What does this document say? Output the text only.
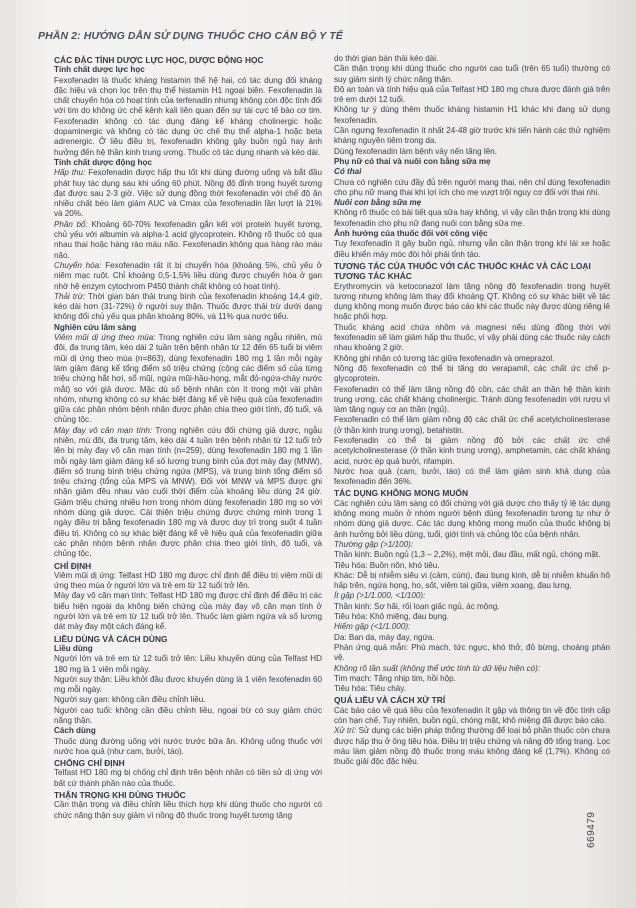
PHẦN 2: HƯỚNG DẪN SỬ DỤNG THUỐC CHO CÁN BỘ Y TẾ
CÁC ĐẶC TÍNH DƯỢC LỰC HỌC, DƯỢC ĐỘNG HỌC
Tính chất dược lực học
Fexofenadin là thuốc kháng histamin thế hệ hai, có tác dụng đối kháng đặc hiệu và chọn lọc trên thụ thể histamin H1 ngoại biên. Fexofenadin là chất chuyển hóa có hoạt tính của terfenadin nhưng không còn độc tính đối với tim do không ức chế kênh kali liên quan đến sự tái cực tế bào cơ tim. Fexofenadin không có tác dụng đáng kể kháng cholinergic hoặc dopaminergic và không có tác dụng ức chế thụ thể alpha-1 hoặc beta adrenergic. Ở liều điều trị, fexofenadin không gây buồn ngủ hay ảnh hưởng đến hệ thần kinh trung ương. Thuốc có tác dụng nhanh và kéo dài.
Tính chất dược động học
Hấp thu: Fexofenadin được hấp thu tốt khi dùng đường uống và bắt đầu phát huy tác dụng sau khi uống 60 phút. Nồng độ đỉnh trong huyết tương đạt được sau 2-3 giờ. Việc sử dụng đồng thời fexofenadin với chế độ ăn nhiều chất béo làm giảm AUC và Cmax của fexofenadin lần lượt là 21% và 20%.
Phân bố: Khoảng 60-70% fexofenadin gắn kết với protein huyết tương, chủ yếu với albumin và alpha-1 acid glycoprotein. Không rõ thuốc có qua nhau thai hoặc hàng rào máu não. Fexofenadin không qua hàng rào máu não.
Chuyển hóa: Fexofenadin rất ít bị chuyển hóa (khoảng 5%, chủ yếu ở niêm mạc ruột. Chỉ khoảng 0,5-1,5% liều dùng được chuyển hóa ở gan nhờ hệ enzym cytochrom P450 thành chất không có hoạt tính).
Thải trừ: Thời gian bán thải trung bình của fexofenadin khoảng 14,4 giờ, kéo dài hơn (31-72%) ở người suy thận. Thuốc được thải trừ dưới dạng không đổi chủ yếu qua phân khoảng 80%, và 11% qua nước tiểu.
Nghiên cứu lâm sàng
Viêm mũi dị ứng theo mùa: Trong nghiên cứu lâm sàng ngẫu nhiên, mù đôi, đa trung tâm, kéo dài 2 tuần trên bệnh nhân từ 12 đến 65 tuổi bị viêm mũi dị ứng theo mùa (n=863), dùng fexofenadin 180 mg 1 lần mỗi ngày làm giảm đáng kể tổng điểm số triệu chứng (cộng các điểm số của từng triệu chứng hắt hơi, sổ mũi, ngứa mũi-hầu-họng, mắt đỏ-ngứa-chảy nước mắt) so với giả dược. Mặc dù số bệnh nhân còn ít trong một vài phân nhóm, nhưng không có sự khác biệt đáng kể về hiệu quả của fexofenadin giữa các phân nhóm bệnh nhân được phân chia theo giới tính, độ tuổi, và chủng tộc.
Mày đay vô căn mạn tính: Trong nghiên cứu đối chứng giả dược, ngẫu nhiên, mù đôi, đa trung tâm, kéo dài 4 tuần trên bệnh nhân từ 12 tuổi trở lên bị mày đay vô căn mạn tính (n=259), dùng fexofenadin 180 mg 1 lần mỗi ngày làm giảm đáng kể số lượng trung bình của đợt mày đay (MNW), điểm số trung bình triệu chứng ngứa (MPS), và trung bình tổng điểm số triệu chứng (tổng của MPS và MNW). Đối với MNW và MPS được ghi nhận giảm đều nhau vào cuối thời điểm của khoảng liều dùng 24 giờ. Giảm triệu chứng nhiều hơn trong nhóm dùng fexofenadin 180 mg so với nhóm dùng giả dược. Cải thiện triệu chứng được chứng minh trong 1 ngày điều trị bằng fexofenadin 180 mg và được duy trì trong suốt 4 tuần điều trị. Không có sự khác biệt đáng kể về hiệu quả của fexofenadin giữa các phân nhóm bệnh nhân được phân chia theo giới tính, độ tuổi, và chủng tộc.
CHỈ ĐỊNH
Viêm mũi dị ứng: Telfast HD 180 mg được chỉ định để điều trị viêm mũi dị ứng theo mùa ở người lớn và trẻ em từ 12 tuổi trở lên.
Mày đay vô căn mạn tính: Telfast HD 180 mg được chỉ định để điều trị các biểu hiện ngoài da không biến chứng của mày đay vô căn mạn tính ở người lớn và trẻ em từ 12 tuổi trở lên. Thuốc làm giảm ngứa và số lượng dát mày đay một cách đáng kể.
LIỀU DÙNG VÀ CÁCH DÙNG
Liều dùng
Người lớn và trẻ em từ 12 tuổi trở lên: Liều khuyến dùng của Telfast HD 180 mg là 1 viên mỗi ngày.
Người suy thận: Liều khởi đầu được khuyến dùng là 1 viên fexofenadin 60 mg mỗi ngày.
Người suy gan: không cần điều chỉnh liều.
Người cao tuổi: không cần điều chỉnh liều, ngoại trừ có suy giảm chức năng thận.
Cách dùng
Thuốc dùng đường uống với nước trước bữa ăn. Không uống thuốc với nước hoa quả (như cam, bưởi, táo).
CHỐNG CHỈ ĐỊNH
Telfast HD 180 mg bị chống chỉ định trên bệnh nhân có tiền sử dị ứng với bất cứ thành phần nào của thuốc.
THẬN TRỌNG KHI DÙNG THUỐC
Cần thận trọng và điều chỉnh liều thích hợp khi dùng thuốc cho người có chức năng thận suy giảm vì nồng độ thuốc trong huyết tương tăng
do thời gian bán thải kéo dài.
Cần thận trọng khi dùng thuốc cho người cao tuổi (trên 65 tuổi) thường có suy giảm sinh lý chức năng thận.
Độ an toàn và tính hiệu quả của Telfast HD 180 mg chưa được đánh giá trên trẻ em dưới 12 tuổi.
Không tự ý dùng thêm thuốc kháng histamin H1 khác khi đang sử dụng fexofenadin.
Cần ngưng fexofenadin ít nhất 24-48 giờ trước khi tiến hành các thử nghiệm kháng nguyên tiêm trong da.
Dùng fexofenadin làm bệnh vảy nến tăng lên.
Phụ nữ có thai và nuôi con bằng sữa mẹ
Có thai
Chưa có nghiên cứu đầy đủ trên người mang thai, nên chỉ dùng fexofenadin cho phụ nữ mang thai khi lợi ích cho mẹ vượt trội nguy cơ đối với thai nhi.
Nuôi con bằng sữa mẹ
Không rõ thuốc có bài tiết qua sữa hay không, vì vậy cần thận trọng khi dùng fexofenadin cho phụ nữ đang nuôi con bằng sữa mẹ.
Ảnh hưởng của thuốc đối với công việc
Tuy fexofenadin ít gây buồn ngủ, nhưng vẫn cần thận trọng khi lái xe hoặc điều khiển máy móc đòi hỏi phải tỉnh táo.
TƯƠNG TÁC CỦA THUỐC VỚI CÁC THUỐC KHÁC VÀ CÁC LOẠI TƯƠNG TÁC KHÁC
Erythromycin và ketoconazol làm tăng nồng độ fexofenadin trong huyết tương nhưng không làm thay đổi khoảng QT. Không có sự khác biệt về tác dụng không mong muốn được báo cáo khi các thuốc này được dùng riêng lẻ hoặc phối hợp.
Thuốc kháng acid chứa nhôm và magnesi nếu dùng đồng thời với fexofenadin sẽ làm giảm hấp thu thuốc, vì vậy phải dùng các thuốc này cách nhau khoảng 2 giờ.
Không ghi nhận có tương tác giữa fexofenadin và omeprazol.
Nồng độ fexofenadin có thể bị tăng do verapamil, các chất ức chế p-glycoprotein.
Fexofenadin có thể làm tăng nồng độ cồn, các chất an thần hệ thần kinh trung ương, các chất kháng cholinergic. Tránh dùng fexofenadin với rượu vì làm tăng nguy cơ an thần (ngủ).
Fexofenadin có thể làm giảm nồng độ các chất ức chế acetylcholinesterase (ở thần kinh trung ương), betahistin.
Fexofenadin có thể bị giảm nồng độ bởi các chất ức chế acetylcholinesterase (ở thần kinh trung ương), amphetamin, các chất kháng acid, nước ép quả bưởi, rifampin.
Nước hoa quả (cam, bưởi, táo) có thể làm giảm sinh khả dụng của fexofenadin đến 36%.
TÁC DỤNG KHÔNG MONG MUỐN
Các nghiên cứu lâm sàng có đối chứng với giả dược cho thấy tỷ lệ tác dụng không mong muốn ở nhóm người bệnh dùng fexofenadin tương tự như ở nhóm dùng giả dược. Các tác dụng không mong muốn của thuốc không bị ảnh hưởng bởi liều dùng, tuổi, giới tính và chủng tộc của bệnh nhân.
Thường gặp (>1/100):
Thần kinh: Buồn ngủ (1,3 – 2,2%), mệt mỏi, đau đầu, mất ngủ, chóng mặt.
Tiêu hóa: Buồn nôn, khó tiêu.
Khác: Dễ bị nhiễm siêu vi (cảm, cúm), đau bụng kinh, dễ bị nhiễm khuẩn hô hấp trên, ngứa họng, ho, sốt, viêm tai giữa, viêm xoang, đau lưng.
Ít gặp (>1/1.000, <1/100):
Thần kinh: Sợ hãi, rối loạn giấc ngủ, ác mộng.
Tiêu hóa: Khô miệng, đau bụng.
Hiếm gặp (<1/1.000):
Da: Ban da, mày đay, ngứa.
Phản ứng quá mẫn: Phù mạch, tức ngực, khó thở, đỏ bừng, choáng phản vệ.
Không rõ tần suất (không thể ước tính từ dữ liệu hiện có):
Tim mạch: Tăng nhịp tim, hồi hộp.
Tiêu hóa: Tiêu chảy.
QUÁ LIỀU VÀ CÁCH XỬ TRÍ
Các báo cáo về quá liều của fexofenadin ít gặp và thông tin về độc tính cấp còn hạn chế. Tuy nhiên, buồn ngủ, chóng mặt, khô miệng đã được báo cáo.
Xử trí: Sử dụng các biện pháp thông thường để loại bỏ phần thuốc còn chưa được hấp thu ở ống tiêu hóa. Điều trị triệu chứng và nâng đỡ tổng trạng. Lọc máu làm giảm nồng độ thuốc trong máu không đáng kể (1,7%). Không có thuốc giải độc đặc hiệu.
669479
